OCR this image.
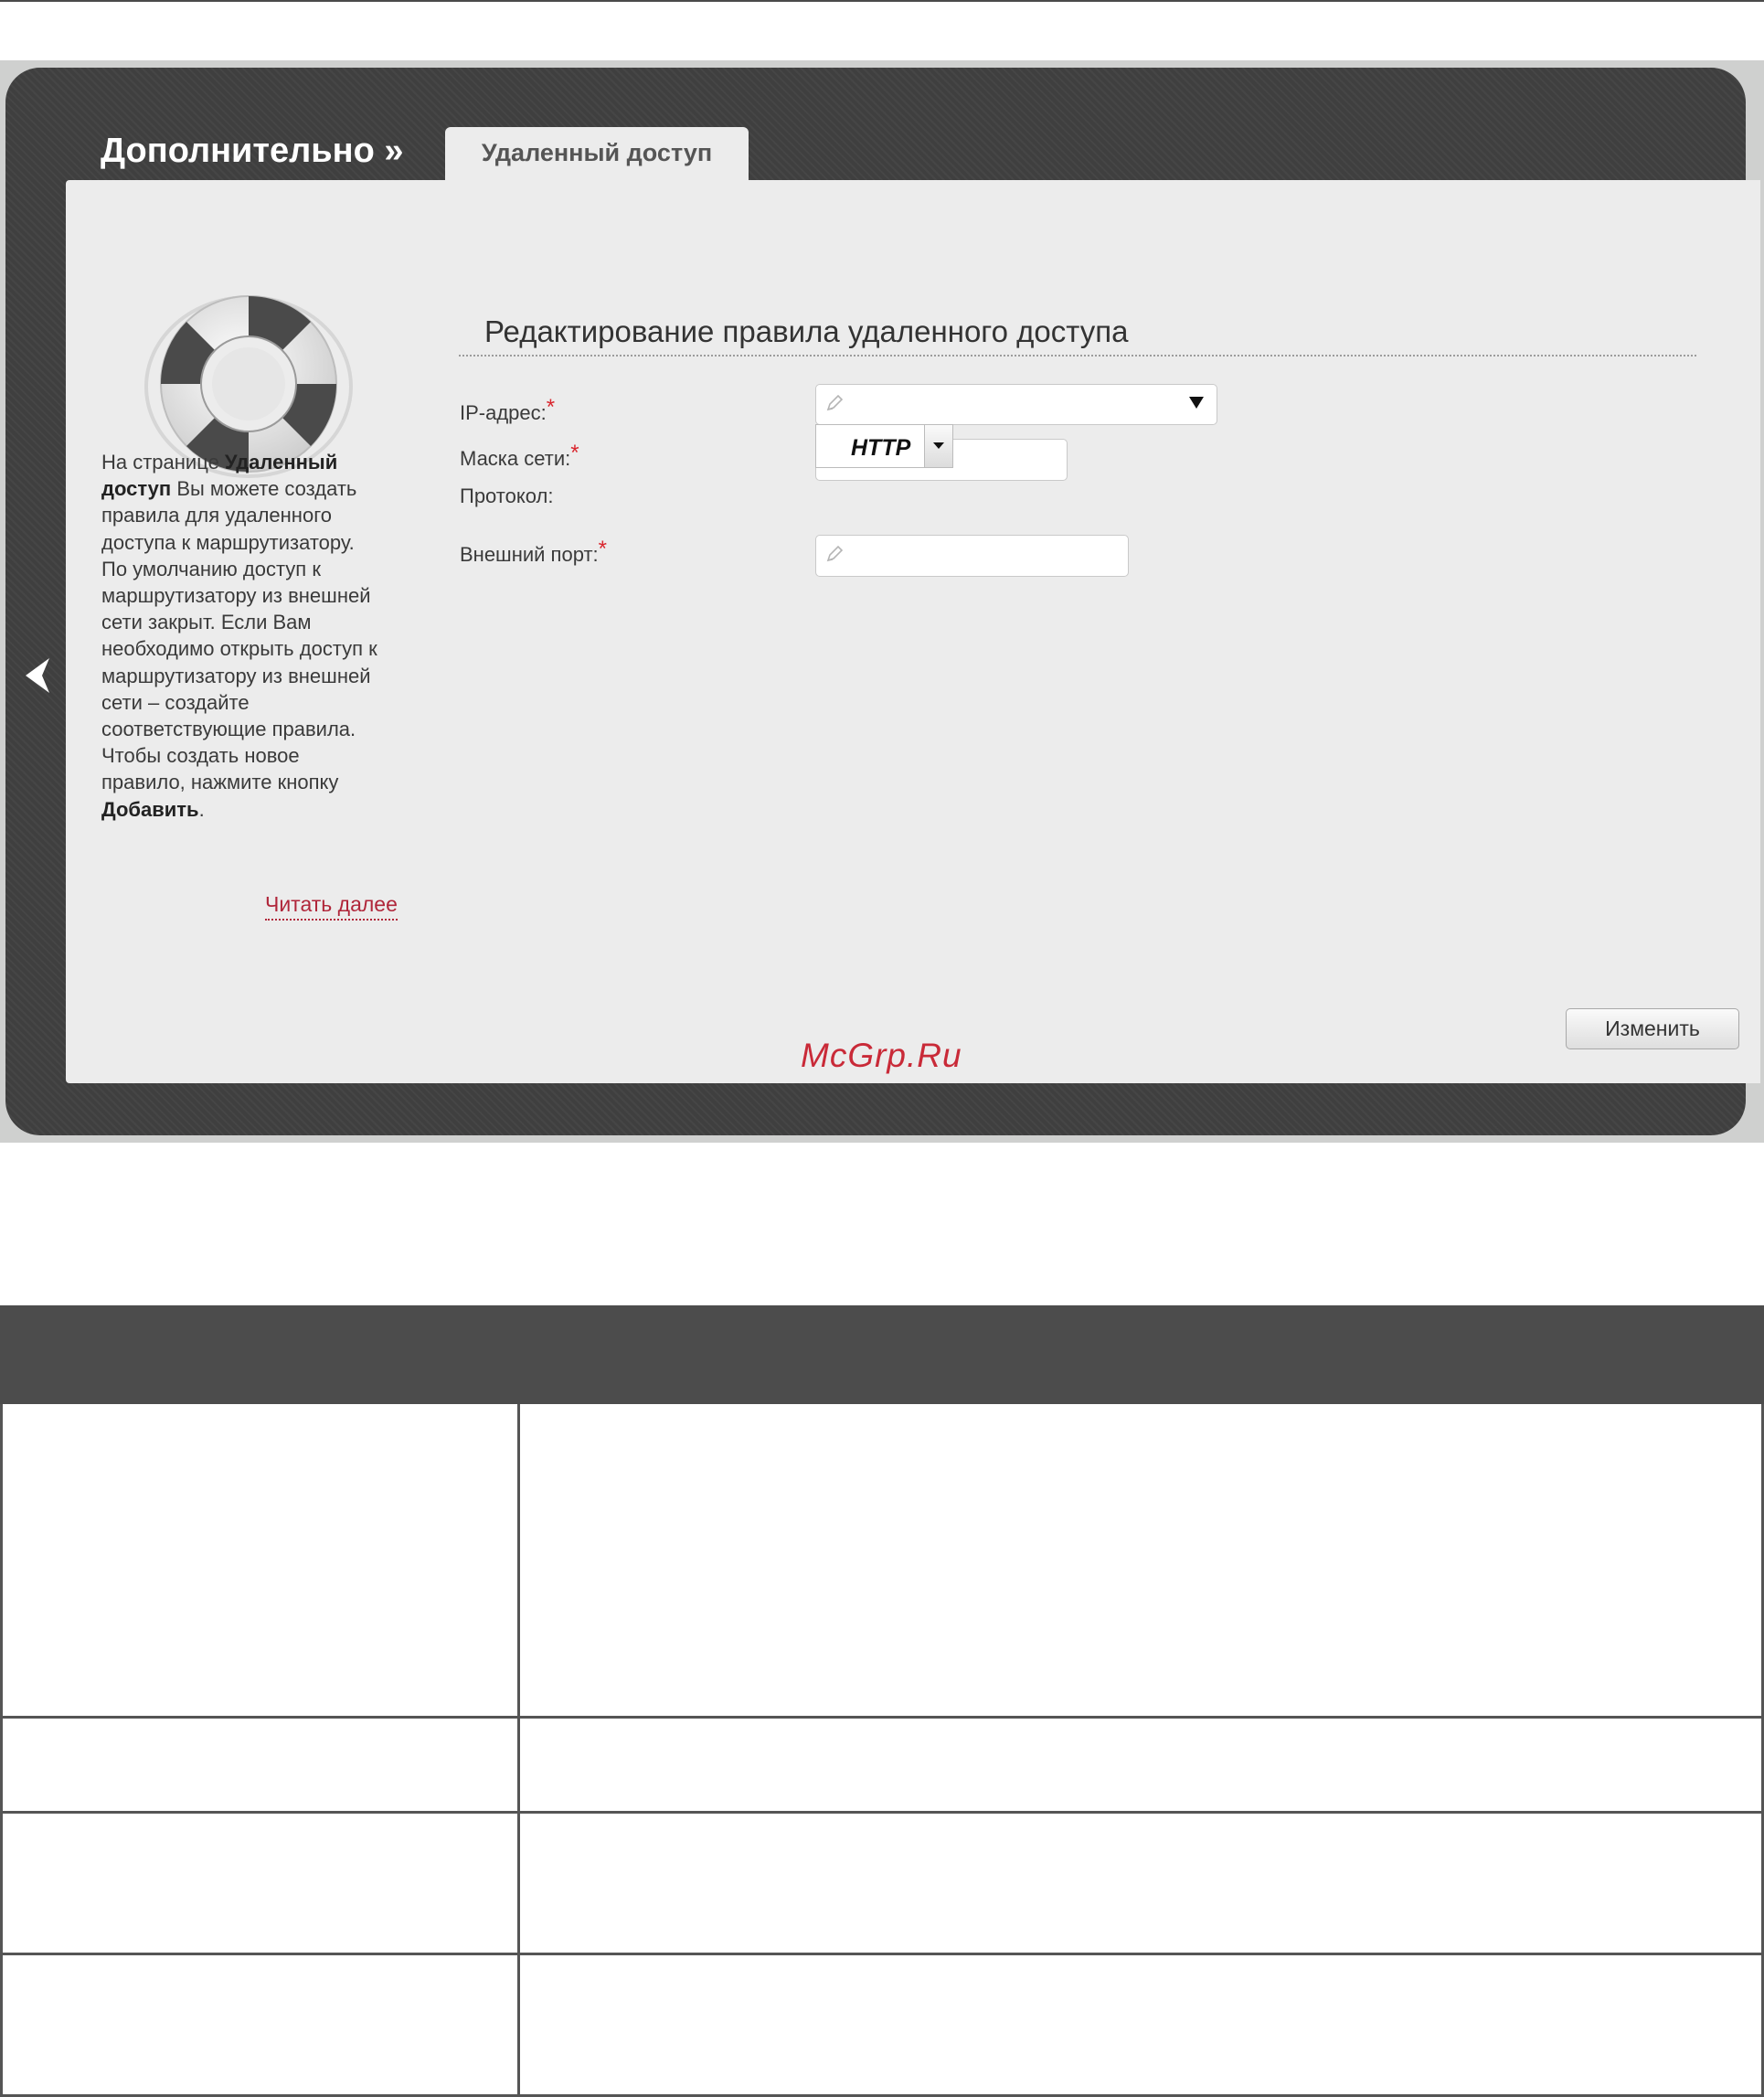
Дополнительно »	Удаленный доступ
На странице Удаленный
доступ Вы можете создать
правила для удаленного
доступа к маршрутизатору.
По умолчанию доступ к
маршрутизатору из внешней
сети закрыт. Если Вам
необходимо открыть доступ к
маршрутизатору из внешней
сети – создайте
соответствующие правила.
Чтобы создать новое
правило, нажмите кнопку
Добавить.
Читать далее
Редактирование правила удаленного доступа
IP-адрес:*
Маска сети:*
Протокол:
HTTP
Внешний порт:*
Изменить
McGrp.Ru
